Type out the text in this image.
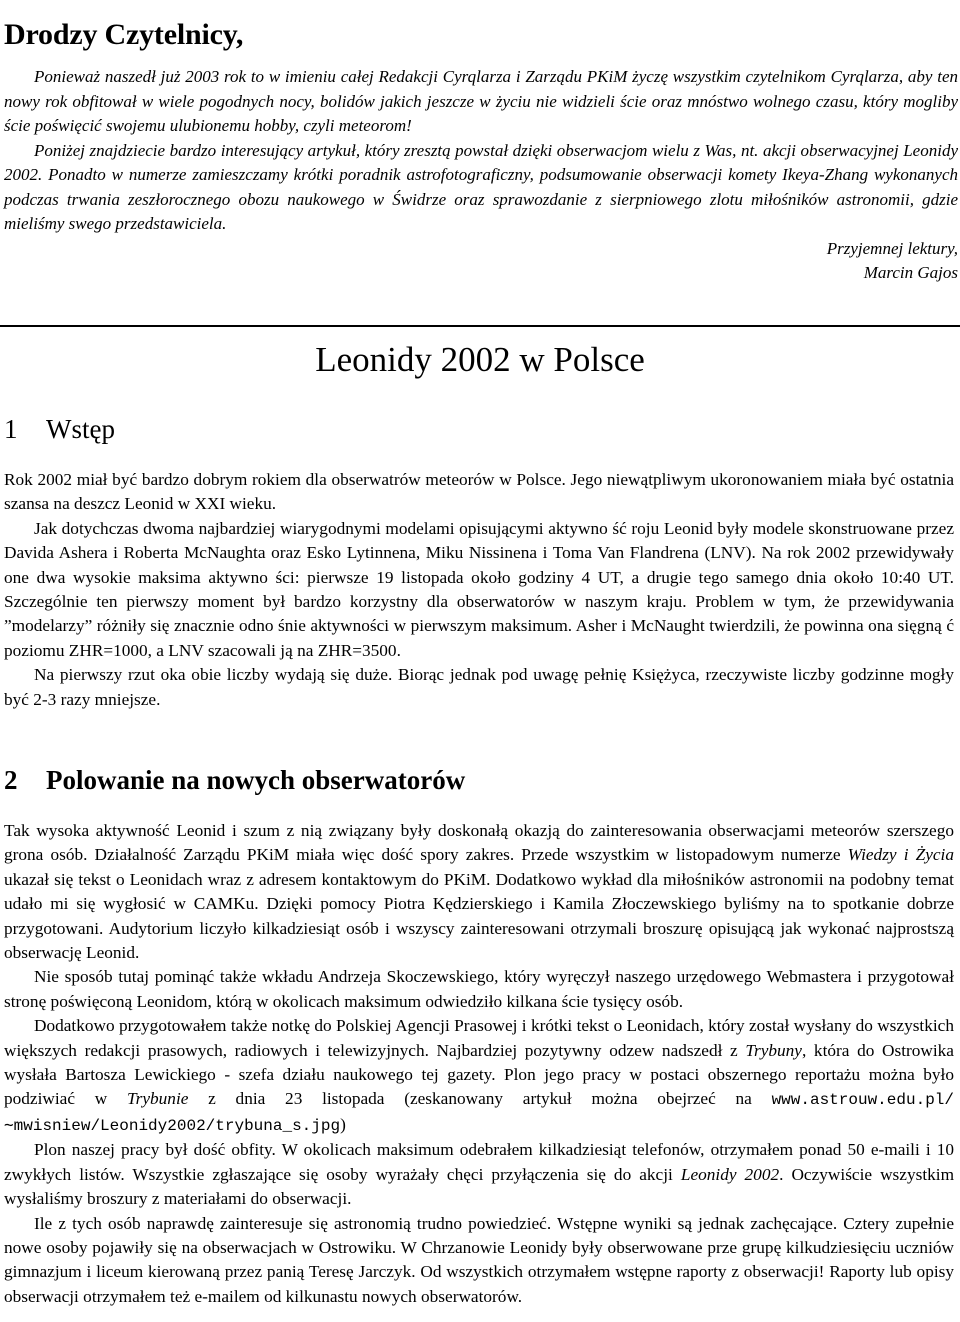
Drodzy Czytelnicy,

Ponieważ naszedł już 2003 rok to w imieniu całej Redakcji Cyrqlarza i Zarządu PKiM życzę wszystkim czytelnikom Cyrqlarza, aby ten nowy rok obfitował w wiele pogodnych nocy, bolidów jakich jeszcze w życiu nie widzieli ście oraz mnóstwo wolnego czasu, który mogliby ście poświęcić swojemu ulubionemu hobby, czyli meteorom!

Poniżej znajdziecie bardzo interesujący artykuł, który zresztą powstał dzięki obserwacjom wielu z Was, nt. akcji obserwacyjnej Leonidy 2002. Ponadto w numerze zamieszczamy krótki poradnik astrofotograficzny, podsumowanie obserwacji komety Ikeya-Zhang wykonanych podczas trwania zeszłorocznego obozu naukowego w Świdrze oraz sprawozdanie z sierpniowego zlotu miłośników astronomii, gdzie mieliśmy swego przedstawiciela.

Przyjemnej lektury,
Marcin Gajos
Leonidy 2002 w Polsce
1 Wstęp

Rok 2002 miał być bardzo dobrym rokiem dla obserwatrów meteorów w Polsce. Jego niewątpliwym ukoronowaniem miała być ostatnia szansa na deszcz Leonid w XXI wieku.

Jak dotychczas dwoma najbardziej wiarygodnymi modelami opisującymi aktywno ść roju Leonid były modele skonstruowane przez Davida Ashera i Roberta McNaughta oraz Esko Lytinnena, Miku Nissinena i Toma Van Flandrena (LNV). Na rok 2002 przewidywały one dwa wysokie maksima aktywno ści: pierwsze 19 listopada około godziny 4 UT, a drugie tego samego dnia około 10:40 UT. Szczególnie ten pierwszy moment był bardzo korzystny dla obserwatorów w naszym kraju. Problem w tym, że przewidywania ”modelarzy” różniły się znacznie odno śnie aktywności w pierwszym maksimum. Asher i McNaught twierdzili, że powinna ona sięgną ć poziomu ZHR=1000, a LNV szacowali ją na ZHR=3500.

Na pierwszy rzut oka obie liczby wydają się duże. Biorąc jednak pod uwagę pełnię Księżyca, rzeczywiste liczby godzinne mogły być 2-3 razy mniejsze.

2 Polowanie na nowych obserwatorów

Tak wysoka aktywność Leonid i szum z nią związany były doskonałą okazją do zainteresowania obserwacjami meteorów szerszego grona osób. Działalność Zarządu PKiM miała więc dość spory zakres. Przede wszystkim w listopadowym numerze Wiedzy i Życia ukazał się tekst o Leonidach wraz z adresem kontaktowym do PKiM. Dodatkowo wykład dla miłośników astronomii na podobny temat udało mi się wygłosić w CAMKu. Dzięki pomocy Piotra Kędzierskiego i Kamila Złoczewskiego byliśmy na to spotkanie dobrze przygotowani. Audytorium liczyło kilkadziesiąt osób i wszyscy zainteresowani otrzymali broszurę opisującą jak wykonać najprostszą obserwację Leonid.

Nie sposób tutaj pominąć także wkładu Andrzeja Skoczewskiego, który wyręczył naszego urzędowego Webmastera i przygotował stronę poświęconą Leonidom, którą w okolicach maksimum odwiedziło kilkana ście tysięcy osób.

Dodatkowo przygotowałem także notkę do Polskiej Agencji Prasowej i krótki tekst o Leonidach, który został wysłany do wszystkich większych redakcji prasowych, radiowych i telewizyjnych. Najbardziej pozytywny odzew nadszedł z Trybuny, która do Ostrowika wysłała Bartosza Lewickiego - szefa działu naukowego tej gazety. Plon jego pracy w postaci obszernego reportażu można było podziwiać w Trybunie z dnia 23 listopada (zeskanowany artykuł można obejrzeć na www.astrouw.edu.pl/∼mwisniew/Leonidy2002/trybuna_s.jpg)

Plon naszej pracy był dość obfity. W okolicach maksimum odebrałem kilkadziesiąt telefonów, otrzymałem ponad 50 e-maili i 10 zwykłych listów. Wszystkie zgłaszające się osoby wyrażały chęci przyłączenia się do akcji Leonidy 2002. Oczywiście wszystkim wysłaliśmy broszury z materiałami do obserwacji.

Ile z tych osób naprawdę zainteresuje się astronomią trudno powiedzieć. Wstępne wyniki są jednak zachęcające. Cztery zupełnie nowe osoby pojawiły się na obserwacjach w Ostrowiku. W Chrzanowie Leonidy były obserwowane prze grupę kilkudziesięciu uczniów gimnazjum i liceum kierowaną przez panią Teresę Jarczyk. Od wszystkich otrzymałem wstępne raporty z obserwacji! Raporty lub opisy obserwacji otrzymałem też e-mailem od kilkunastu nowych obserwatorów.
